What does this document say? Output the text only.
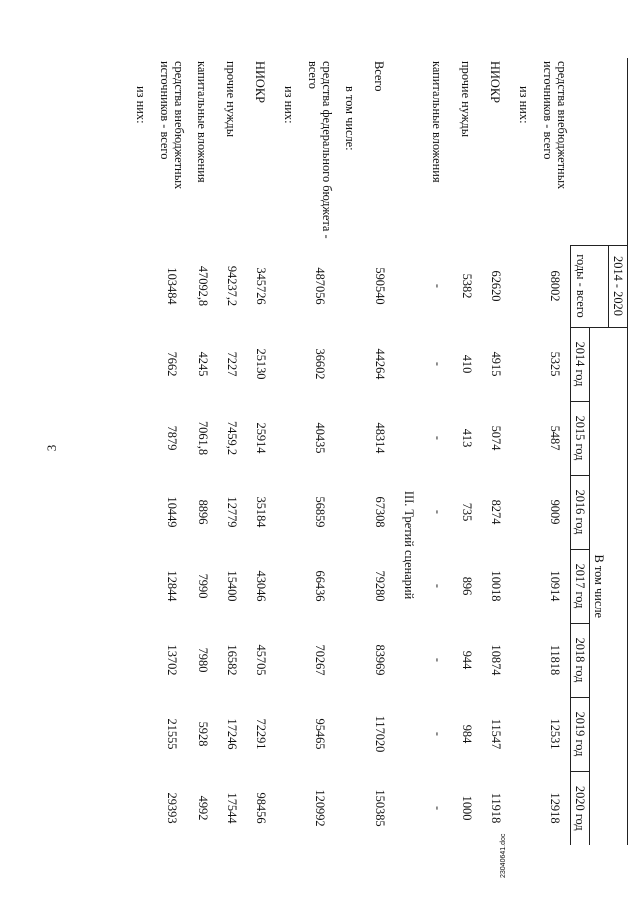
3
23040641.doc
	2014 - 2020							
		В том числе						
	годы - всего	2014 год	2015 год	2016 год	2017 год	2018 год	2019 год	2020 год
средства внебюджетных источников - всего	68002	5325	5487	9009	10914	11818	12531	12918
из них:								
НИОКР	62620	4915	5074	8274	10018	10874	11547	11918
прочие нужды	5382	410	413	735	896	944	984	1000
капитальные вложения	-	-	-	-	-	-	-	-
	III. Третий сценарий							
Всего	590540	44264	48314	67308	79280	83969	117020	150385
в том числе:								
средства федерального бюджета - всего	487056	36602	40435	56859	66436	70267	95465	120992
из них:								
НИОКР	345726	25130	25914	35184	43046	45705	72291	98456
прочие нужды	94237,2	7227	7459,2	12779	15400	16582	17246	17544
капитальные вложения	47092,8	4245	7061,8	8896	7990	7980	5928	4992
средства внебюджетных источников - всего	103484	7662	7879	10449	12844	13702	21555	29393
из них:								
